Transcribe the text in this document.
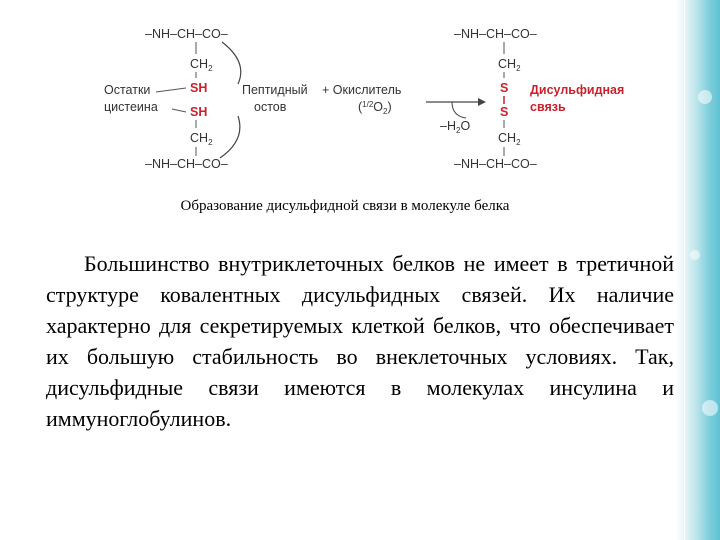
–NH–CH–CO–
$CH_2$
SH
SH
$CH_2$
–NH–CH–CO–
Остатки
цистеина
Пептидный
остов
+ Окислитель
$(^{1/2}O_2)$
$-H_2O$
–NH–CH–CO–
$CH_2$
S
S
$CH_2$
–NH–CH–CO–
Дисульфидная
связь
Образование дисульфидной связи в молекуле белка
Большинство внутриклеточных белков не имеет в третичной структуре ковалентных дисульфидных связей. Их наличие характерно для секретируемых клеткой белков, что обеспечивает их большую стабильность во внеклеточных условиях. Так, дисульфидные связи имеются в молекулах инсулина и иммуноглобулинов.
